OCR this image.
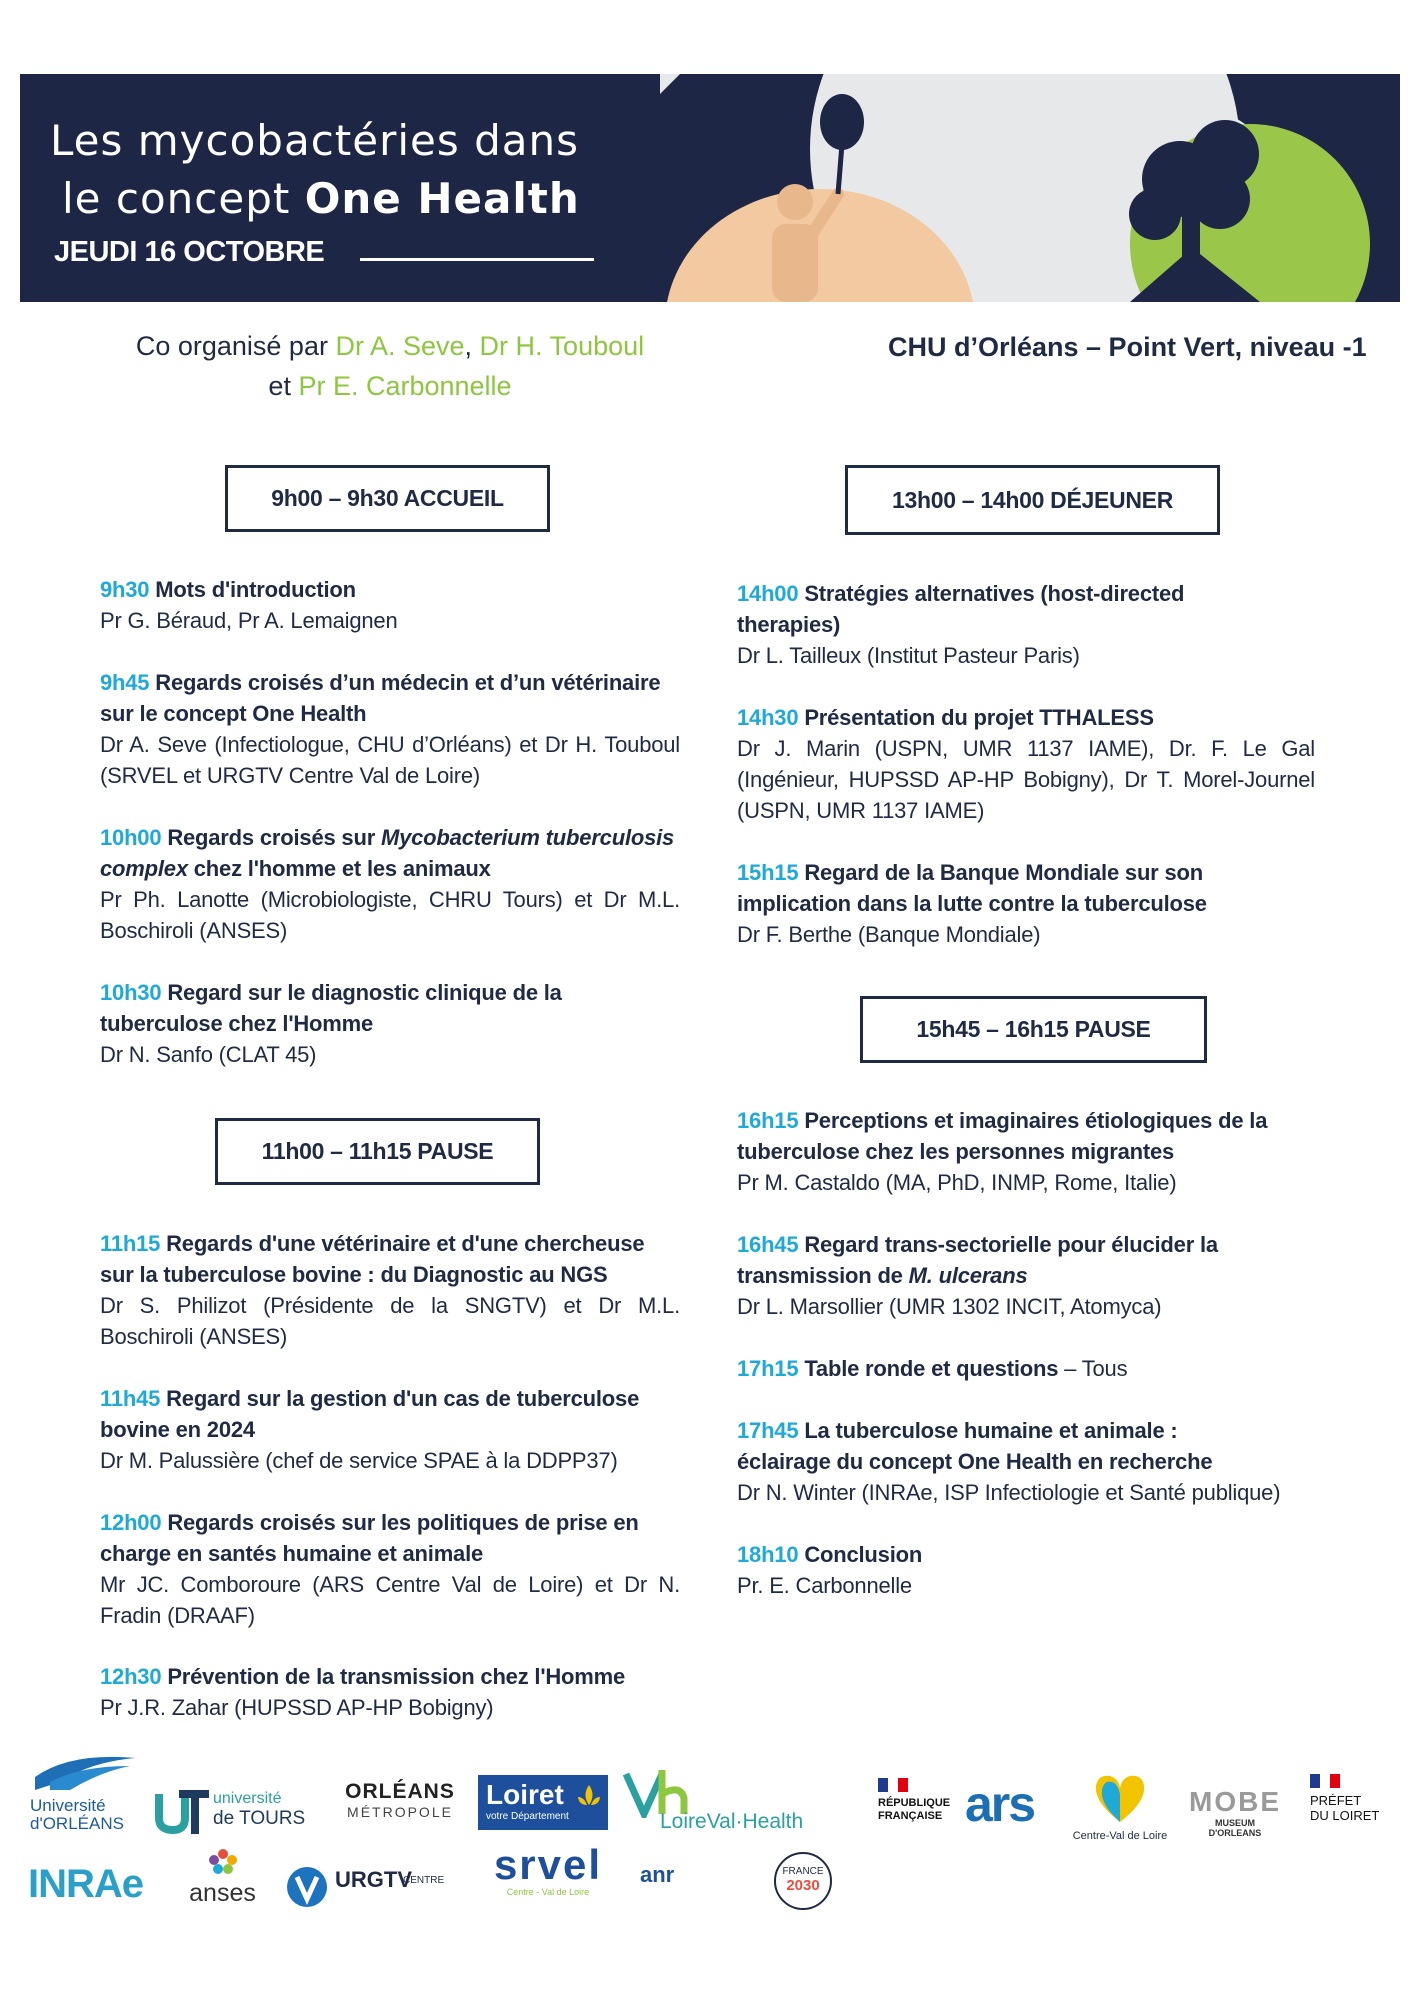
Les mycobactéries dans
le concept One Health
JEUDI 16 OCTOBRE
Co organisé par Dr A. Seve, Dr H. Touboul
et Pr E. Carbonnelle
CHU d’Orléans – Point Vert, niveau -1
9h00 – 9h30 ACCUEIL
9h30 Mots d'introduction
Pr G. Béraud, Pr A. Lemaignen
9h45 Regards croisés d’un médecin et d’un vétérinaire sur le concept One Health
Dr A. Seve (Infectiologue, CHU d’Orléans) et Dr H. Touboul (SRVEL et URGTV Centre Val de Loire)
10h00 Regards croisés sur Mycobacterium tuberculosis complex chez l'homme et les animaux
Pr Ph. Lanotte (Microbiologiste, CHRU Tours) et Dr M.L. Boschiroli (ANSES)
10h30 Regard sur le diagnostic clinique de la tuberculose chez l'Homme
Dr N. Sanfo (CLAT 45)
11h00 – 11h15 PAUSE
11h15 Regards d'une vétérinaire et d'une chercheuse sur la tuberculose bovine : du Diagnostic au NGS
Dr S. Philizot (Présidente de la SNGTV) et Dr M.L. Boschiroli (ANSES)
11h45 Regard sur la gestion d'un cas de tuberculose bovine en 2024
Dr M. Palussière (chef de service SPAE à la DDPP37)
12h00 Regards croisés sur les politiques de prise en charge en santés humaine et animale
Mr JC. Comboroure (ARS Centre Val de Loire) et Dr N. Fradin (DRAAF)
12h30 Prévention de la transmission chez l'Homme
Pr J.R. Zahar (HUPSSD AP-HP Bobigny)
13h00 – 14h00 DÉJEUNER
14h00 Stratégies alternatives (host-directed therapies)
Dr L. Tailleux (Institut Pasteur Paris)
14h30 Présentation du projet TTHALESS
Dr J. Marin (USPN, UMR 1137 IAME), Dr. F. Le Gal (Ingénieur, HUPSSD AP-HP Bobigny), Dr T. Morel-Journel (USPN, UMR 1137 IAME)
15h15 Regard de la Banque Mondiale sur son implication dans la lutte contre la tuberculose
Dr F. Berthe (Banque Mondiale)
15h45 – 16h15 PAUSE
16h15 Perceptions et imaginaires étiologiques de la tuberculose chez les personnes migrantes
Pr M. Castaldo (MA, PhD, INMP, Rome, Italie)
16h45 Regard trans-sectorielle pour élucider la transmission de M. ulcerans
Dr L. Marsollier (UMR 1302 INCIT, Atomyca)
17h15 Table ronde et questions – Tous
17h45 La tuberculose humaine et animale : éclairage du concept One Health en recherche
Dr N. Winter (INRAe, ISP Infectiologie et Santé publique)
18h10 Conclusion
Pr. E. Carbonnelle
Université
d'ORLÉANS
université
de TOURS
ORLÉANS
MÉTROPOLE
Loiret
votre Département	LoireVal·Health
INRAe	anses	URGTV
CENTRE srvel
Centre - Val de Loire
anr	FRANCE
2030
RÉPUBLIQUE
FRANÇAISE ars
Centre-Val de Loire
MOBE
MUSEUM
D'ORLEANS
PRÉFET
DU LOIRET
